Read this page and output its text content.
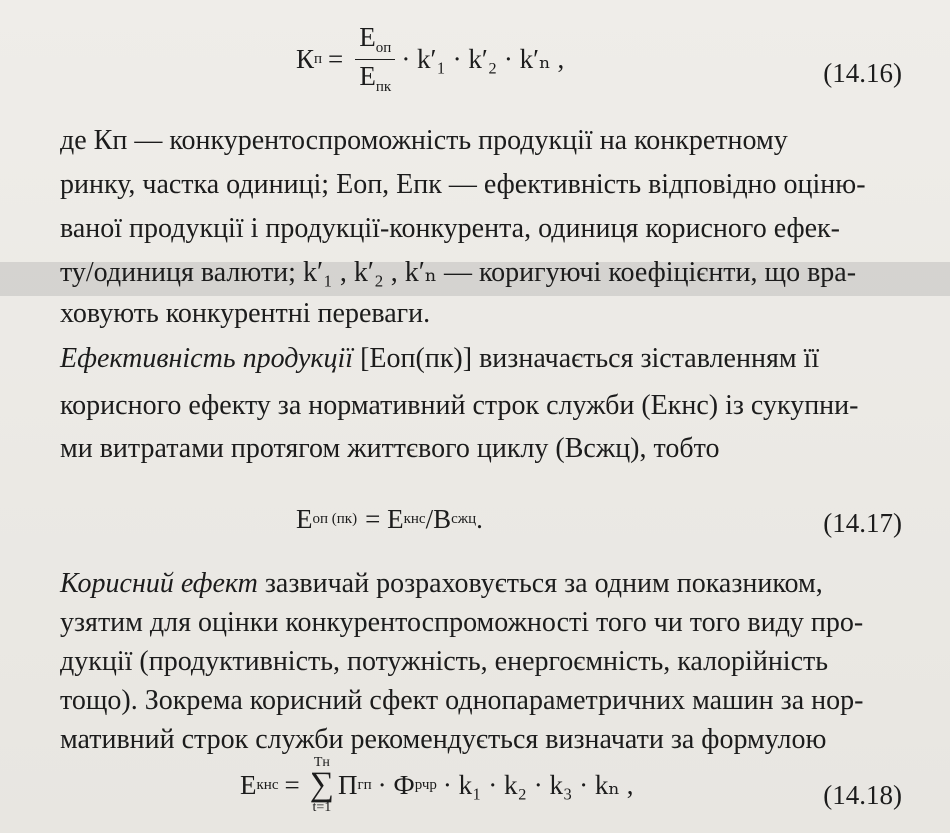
К $п = \frac{Е_{оп}}{Е_{пк}} \cdot k'_1 \cdot k'_2 \cdot k'_n$ ,	(14.16)
де Кп — конкурентоспроможність продукції на конкретному
ринку, частка одиниці; Еоп, Епк — ефективність відповідно оціню-
ваної продукції і продукції-конкурента, одиниця корисного ефек-
ту/одиниця валюти; k′₁ , k′₂ , k′ₙ — коригуючі коефіцієнти, що вра-
ховують конкурентні переваги.
Ефективність продукції [Еоп(пк)] визначається зіставленням її
корисного ефекту за нормативний строк служби (Екнс) із сукупни-
ми витратами протягом життєвого циклу (Всжц), тобто
Е оп (пк) = Е кнс /В сжц .	(14.17)
Корисний ефект зазвичай розраховується за одним показником,
узятим для оцінки конкурентоспроможності того чи того виду про-
дукції (продуктивність, потужність, енергоємність, калорійність
тощо). Зокрема корисний сфект однопараметричних машин за нор-
мативний строк служби рекомендується визначати за формулою
Е кнс =
Tн
∑
t=1
П гп · Ф рчр · k₁ · k₂ · k₃ · kₙ ,	(14.18)
